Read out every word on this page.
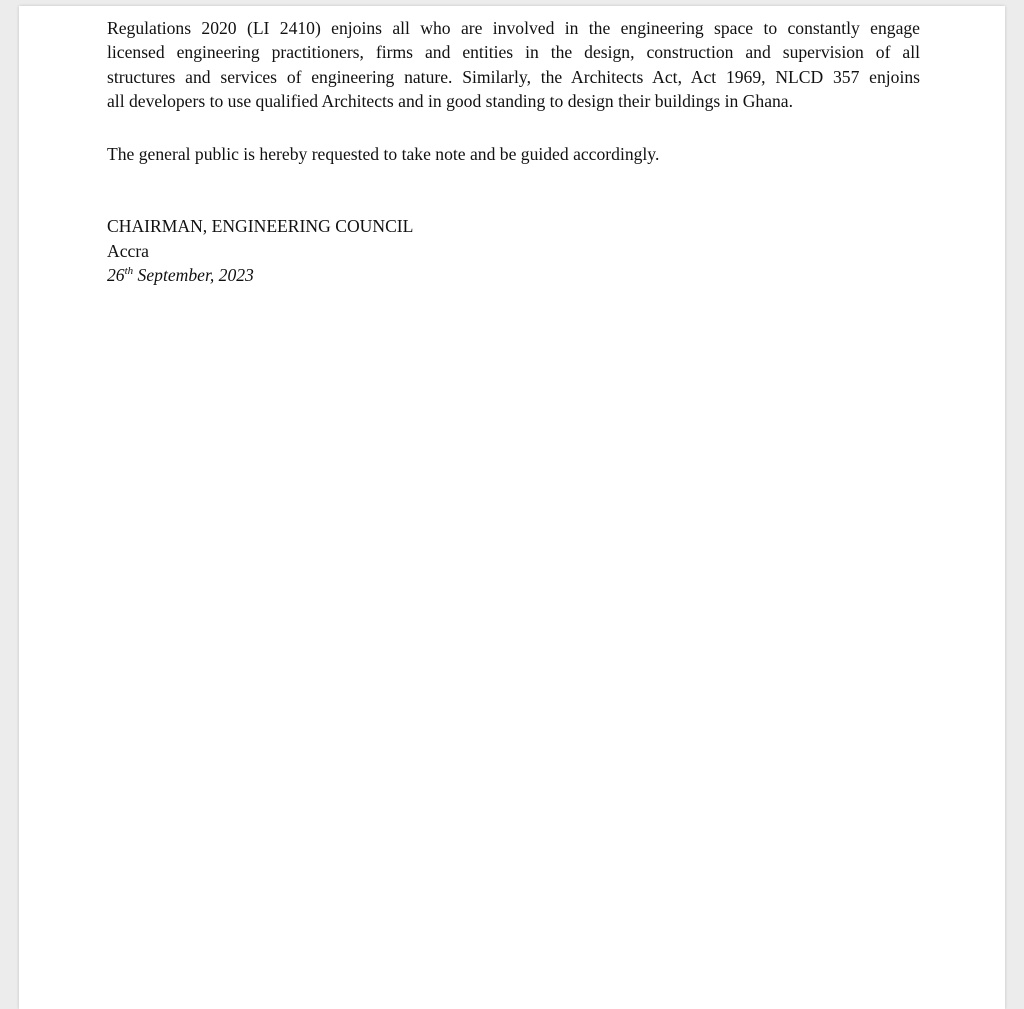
Regulations 2020 (LI 2410) enjoins all who are involved in the engineering space to constantly engage
licensed engineering practitioners, firms and entities in the design, construction and supervision of all
structures and services of engineering nature. Similarly, the Architects Act, Act 1969, NLCD 357 enjoins
all developers to use qualified Architects and in good standing to design their buildings in Ghana.

The general public is hereby requested to take note and be guided accordingly.

CHAIRMAN, ENGINEERING COUNCIL
Accra
26th September, 2023
